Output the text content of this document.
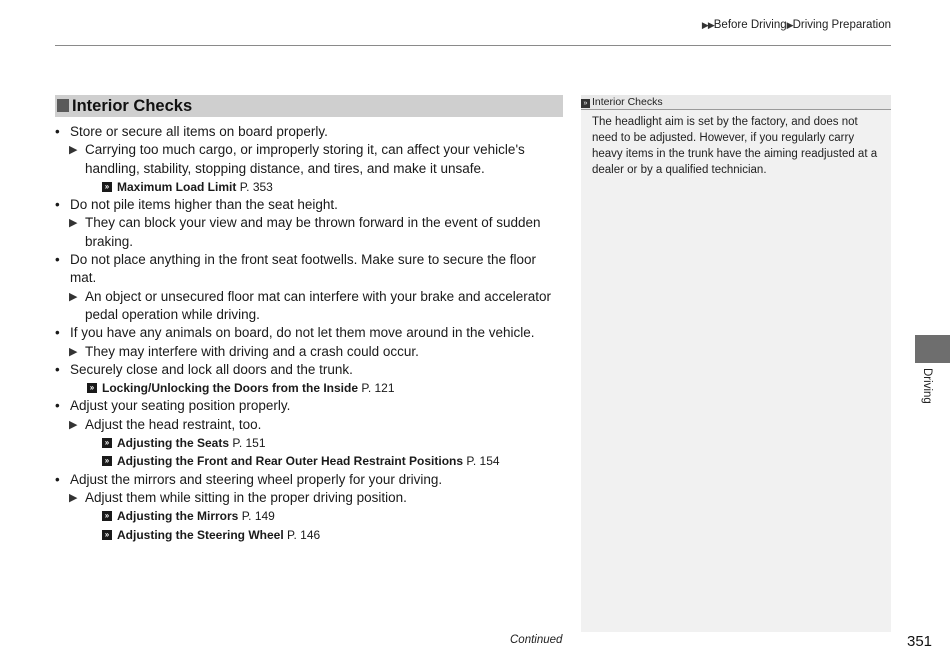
▶▶Before Driving▶Driving Preparation
Interior Checks
• Store or secure all items on board properly.
▶ Carrying too much cargo, or improperly storing it, can affect your vehicle's handling, stability, stopping distance, and tires, and make it unsafe.
» Maximum Load Limit P. 353
• Do not pile items higher than the seat height.
▶ They can block your view and may be thrown forward in the event of sudden braking.
• Do not place anything in the front seat footwells. Make sure to secure the floor mat.
▶ An object or unsecured floor mat can interfere with your brake and accelerator pedal operation while driving.
• If you have any animals on board, do not let them move around in the vehicle.
▶ They may interfere with driving and a crash could occur.
• Securely close and lock all doors and the trunk.
» Locking/Unlocking the Doors from the Inside P. 121
• Adjust your seating position properly.
▶ Adjust the head restraint, too.
» Adjusting the Seats P. 151
» Adjusting the Front and Rear Outer Head Restraint Positions P. 154
• Adjust the mirrors and steering wheel properly for your driving.
▶ Adjust them while sitting in the proper driving position.
» Adjusting the Mirrors P. 149
» Adjusting the Steering Wheel P. 146
» Interior Checks
The headlight aim is set by the factory, and does not need to be adjusted. However, if you regularly carry heavy items in the trunk have the aiming readjusted at a dealer or by a qualified technician.
Driving
Continued	351
